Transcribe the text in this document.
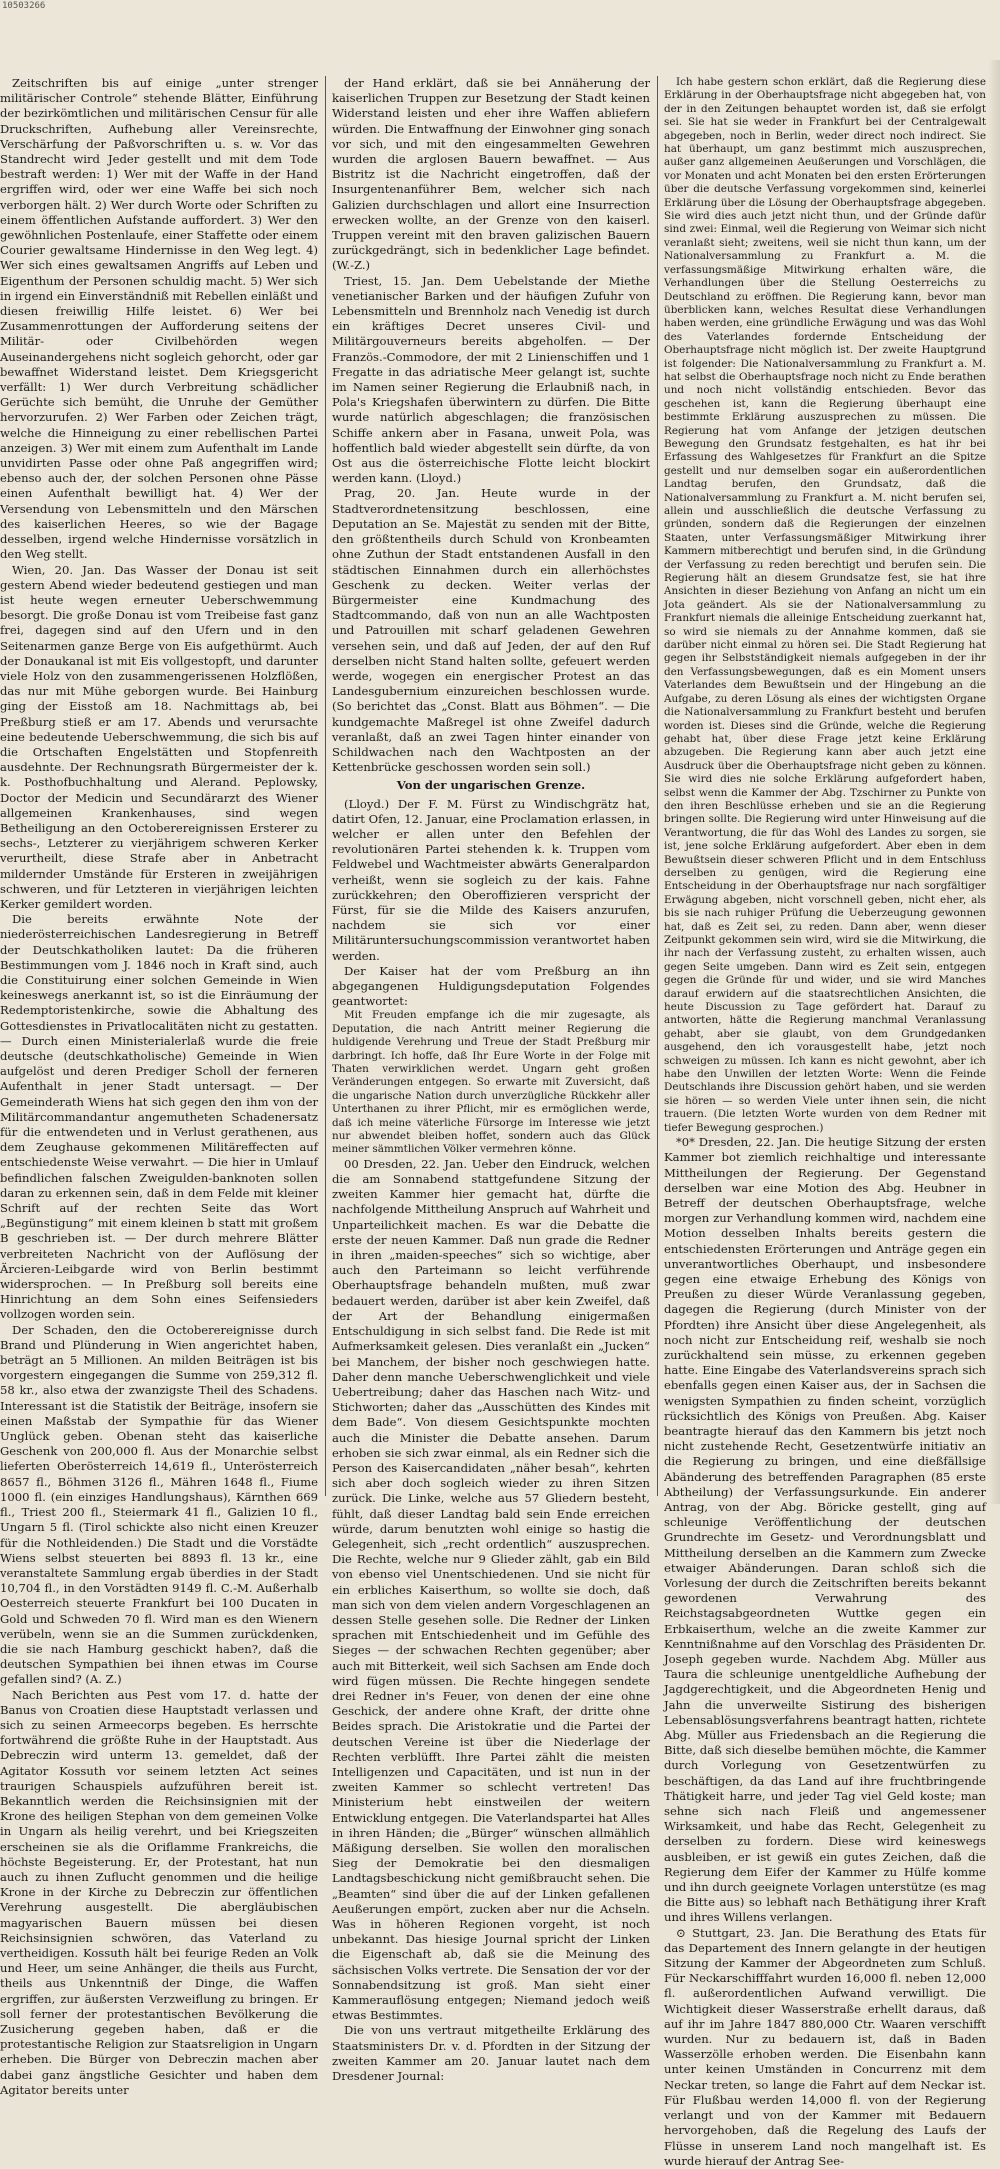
10503266

Zeitschriften bis auf einige „unter strenger militärischer Controle“ stehende Blätter, Einführung der bezirkömtlichen und militärischen Censur für alle Druckschriften, Aufhebung aller Vereinsrechte, Verschärfung der Paßvorschriften u. s. w. Vor das Standrecht wird Jeder gestellt und mit dem Tode bestraft werden: 1) Wer mit der Waffe in der Hand ergriffen wird, oder wer eine Waffe bei sich noch verborgen hält. 2) Wer durch Worte oder Schriften zu einem öffentlichen Aufstande auffordert. 3) Wer den gewöhnlichen Postenlaufe, einer Staffette oder einem Courier gewaltsame Hindernisse in den Weg legt. 4) Wer sich eines gewaltsamen Angriffs auf Leben und Eigenthum der Personen schuldig macht. 5) Wer sich in irgend ein Einverständniß mit Rebellen einläßt und diesen freiwillig Hilfe leistet. 6) Wer bei Zusammenrottungen der Aufforderung seitens der Militär- oder Civilbehörden wegen Auseinandergehens nicht sogleich gehorcht, oder gar bewaffnet Widerstand leistet. Dem Kriegsgericht verfällt: 1) Wer durch Verbreitung schädlicher Gerüchte sich bemüht, die Unruhe der Gemüther hervorzurufen. 2) Wer Farben oder Zeichen trägt, welche die Hinneigung zu einer rebellischen Partei anzeigen. 3) Wer mit einem zum Aufenthalt im Lande unvidirten Passe oder ohne Paß angegriffen wird; ebenso auch der, der solchen Personen ohne Pässe einen Aufenthalt bewilligt hat. 4) Wer der Versendung von Lebensmitteln und den Märschen des kaiserlichen Heeres, so wie der Bagage desselben, irgend welche Hindernisse vorsätzlich in den Weg stellt.

Wien, 20. Jan. Das Wasser der Donau ist seit gestern Abend wieder bedeutend gestiegen und man ist heute wegen erneuter Ueberschwemmung besorgt. Die große Donau ist vom Treibeise fast ganz frei, dagegen sind auf den Ufern und in den Seitenarmen ganze Berge von Eis aufgethürmt. Auch der Donaukanal ist mit Eis vollgestopft, und darunter viele Holz von den zusammengerissenen Holzflößen, das nur mit Mühe geborgen wurde. Bei Hainburg ging der Eisstoß am 18. Nachmittags ab, bei Preßburg stieß er am 17. Abends und verursachte eine bedeutende Ueberschwemmung, die sich bis auf die Ortschaften Engelstätten und Stopfenreith ausdehnte. Der Rechnungsrath Bürgermeister der k. k. Posthofbuchhaltung und Alerand. Peplowsky, Doctor der Medicin und Secundärarzt des Wiener allgemeinen Krankenhauses, sind wegen Betheiligung an den Octoberereignissen Ersterer zu sechs-, Letzterer zu vierjährigem schweren Kerker verurtheilt, diese Strafe aber in Anbetracht mildernder Umstände für Ersteren in zweijährigen schweren, und für Letzteren in vierjährigen leichten Kerker gemildert worden.

Die bereits erwähnte Note der niederösterreichischen Landesregierung in Betreff der Deutschkatholiken lautet: Da die früheren Bestimmungen vom J. 1846 noch in Kraft sind, auch die Constituirung einer solchen Gemeinde in Wien keineswegs anerkannt ist, so ist die Einräumung der Redemptoristenkirche, sowie die Abhaltung des Gottesdienstes in Privatlocalitäten nicht zu gestatten. — Durch einen Ministerialerlaß wurde die freie deutsche (deutschkatholische) Gemeinde in Wien aufgelöst und deren Prediger Scholl der ferneren Aufenthalt in jener Stadt untersagt. — Der Gemeinderath Wiens hat sich gegen den ihm von der Militärcommandantur angemutheten Schadenersatz für die entwendeten und in Verlust gerathenen, aus dem Zeughause gekommenen Militäreffecten auf entschiedenste Weise verwahrt. — Die hier in Umlauf befindlichen falschen Zweigulden-banknoten sollen daran zu erkennen sein, daß in dem Felde mit kleiner Schrift auf der rechten Seite das Wort „Begünstigung“ mit einem kleinen b statt mit großem B geschrieben ist. — Der durch mehrere Blätter verbreiteten Nachricht von der Auflösung der Ärcieren-Leibgarde wird von Berlin bestimmt widersprochen. — In Preßburg soll bereits eine Hinrichtung an dem Sohn eines Seifensieders vollzogen worden sein.

Der Schaden, den die Octoberereignisse durch Brand und Plünderung in Wien angerichtet haben, beträgt an 5 Millionen. An milden Beiträgen ist bis vorgestern eingegangen die Summe von 259,312 fl. 58 kr., also etwa der zwanzigste Theil des Schadens. Interessant ist die Statistik der Beiträge, insofern sie einen Maßstab der Sympathie für das Wiener Unglück geben. Obenan steht das kaiserliche Geschenk von 200,000 fl. Aus der Monarchie selbst lieferten Oberösterreich 14,619 fl., Unterösterreich 8657 fl., Böhmen 3126 fl., Mähren 1648 fl., Fiume 1000 fl. (ein einziges Handlungshaus), Kärnthen 669 fl., Triest 200 fl., Steiermark 41 fl., Galizien 10 fl., Ungarn 5 fl. (Tirol schickte also nicht einen Kreuzer für die Nothleidenden.) Die Stadt und die Vorstädte Wiens selbst steuerten bei 8893 fl. 13 kr., eine veranstaltete Sammlung ergab überdies in der Stadt 10,704 fl., in den Vorstädten 9149 fl. C.-M. Außerhalb Oesterreich steuerte Frankfurt bei 100 Ducaten in Gold und Schweden 70 fl. Wird man es den Wienern verübeln, wenn sie an die Summen zurückdenken, die sie nach Hamburg geschickt haben?, daß die deutschen Sympathien bei ihnen etwas im Course gefallen sind? (A. Z.)

Nach Berichten aus Pest vom 17. d. hatte der Banus von Croatien diese Hauptstadt verlassen und sich zu seinen Armeecorps begeben. Es herrschte fortwährend die größte Ruhe in der Hauptstadt. Aus Debreczin wird unterm 13. gemeldet, daß der Agitator Kossuth vor seinem letzten Act seines traurigen Schauspiels aufzuführen bereit ist. Bekanntlich werden die Reichsinsignien mit der Krone des heiligen Stephan von dem gemeinen Volke in Ungarn als heilig verehrt, und bei Kriegszeiten erscheinen sie als die Oriflamme Frankreichs, die höchste Begeisterung. Er, der Protestant, hat nun auch zu ihnen Zuflucht genommen und die heilige Krone in der Kirche zu Debreczin zur öffentlichen Verehrung ausgestellt. Die abergläubischen magyarischen Bauern müssen bei diesen Reichsinsignien schwören, das Vaterland zu vertheidigen. Kossuth hält bei feurige Reden an Volk und Heer, um seine Anhänger, die theils aus Furcht, theils aus Unkenntniß der Dinge, die Waffen ergriffen, zur äußersten Verzweiflung zu bringen. Er soll ferner der protestantischen Bevölkerung die Zusicherung gegeben haben, daß er die protestantische Religion zur Staatsreligion in Ungarn erheben. Die Bürger von Debreczin machen aber dabei ganz ängstliche Gesichter und haben dem Agitator bereits unter

der Hand erklärt, daß sie bei Annäherung der kaiserlichen Truppen zur Besetzung der Stadt keinen Widerstand leisten und eher ihre Waffen abliefern würden. Die Entwaffnung der Einwohner ging sonach vor sich, und mit den eingesammelten Gewehren wurden die arglosen Bauern bewaffnet. — Aus Bistritz ist die Nachricht eingetroffen, daß der Insurgentenanführer Bem, welcher sich nach Galizien durchschlagen und allort eine Insurrection erwecken wollte, an der Grenze von den kaiserl. Truppen vereint mit den braven galizischen Bauern zurückgedrängt, sich in bedenklicher Lage befindet. (W.-Z.)

Triest, 15. Jan. Dem Uebelstande der Miethe venetianischer Barken und der häufigen Zufuhr von Lebensmitteln und Brennholz nach Venedig ist durch ein kräftiges Decret unseres Civil- und Militärgouverneurs bereits abgeholfen. — Der Französ.-Commodore, der mit 2 Linienschiffen und 1 Fregatte in das adriatische Meer gelangt ist, suchte im Namen seiner Regierung die Erlaubniß nach, in Pola's Kriegshafen überwintern zu dürfen. Die Bitte wurde natürlich abgeschlagen; die französischen Schiffe ankern aber in Fasana, unweit Pola, was hoffentlich bald wieder abgestellt sein dürfte, da von Ost aus die österreichische Flotte leicht blockirt werden kann. (Lloyd.)

Prag, 20. Jan. Heute wurde in der Stadtverordnetensitzung beschlossen, eine Deputation an Se. Majestät zu senden mit der Bitte, den größtentheils durch Schuld von Kronbeamten ohne Zuthun der Stadt entstandenen Ausfall in den städtischen Einnahmen durch ein allerhöchstes Geschenk zu decken. Weiter verlas der Bürgermeister eine Kundmachung des Stadtcommando, daß von nun an alle Wachtposten und Patrouillen mit scharf geladenen Gewehren versehen sein, und daß auf Jeden, der auf den Ruf derselben nicht Stand halten sollte, gefeuert werden werde, wogegen ein energischer Protest an das Landesgubernium einzureichen beschlossen wurde. (So berichtet das „Const. Blatt aus Böhmen“. — Die kundgemachte Maßregel ist ohne Zweifel dadurch veranlaßt, daß an zwei Tagen hinter einander von Schildwachen nach den Wachtposten an der Kettenbrücke geschossen worden sein soll.)

Von der ungarischen Grenze.

(Lloyd.) Der F. M. Fürst zu Windischgrätz hat, datirt Ofen, 12. Januar, eine Proclamation erlassen, in welcher er allen unter den Befehlen der revolutionären Partei stehenden k. k. Truppen vom Feldwebel und Wachtmeister abwärts Generalpardon verheißt, wenn sie sogleich zu der kais. Fahne zurückkehren; den Oberoffizieren verspricht der Fürst, für sie die Milde des Kaisers anzurufen, nachdem sie sich vor einer Militäruntersuchungscommission verantwortet haben werden.

Der Kaiser hat der vom Preßburg an ihn abgegangenen Huldigungsdeputation Folgendes geantwortet:

Mit Freuden empfange ich die mir zugesagte, als Deputation, die nach Antritt meiner Regierung die huldigende Verehrung und Treue der Stadt Preßburg mir darbringt. Ich hoffe, daß Ihr Eure Worte in der Folge mit Thaten verwirklichen werdet. Ungarn geht großen Veränderungen entgegen. So erwarte mit Zuversicht, daß die ungarische Nation durch unverzügliche Rückkehr aller Unterthanen zu ihrer Pflicht, mir es ermöglichen werde, daß ich meine väterliche Fürsorge im Interesse wie jetzt nur abwendet bleiben hoffet, sondern auch das Glück meiner sämmtlichen Völker vermehren könne.

00 Dresden, 22. Jan. Ueber den Eindruck, welchen die am Sonnabend stattgefundene Sitzung der zweiten Kammer hier gemacht hat, dürfte die nachfolgende Mittheilung Anspruch auf Wahrheit und Unparteilichkeit machen. Es war die Debatte die erste der neuen Kammer. Daß nun grade die Redner in ihren „maiden-speeches“ sich so wichtige, aber auch den Parteimann so leicht verführende Oberhauptsfrage behandeln mußten, muß zwar bedauert werden, darüber ist aber kein Zweifel, daß der Art der Behandlung einigermaßen Entschuldigung in sich selbst fand. Die Rede ist mit Aufmerksamkeit gelesen. Dies veranlaßt ein „Jucken“ bei Manchem, der bisher noch geschwiegen hatte. Daher denn manche Ueberschwenglichkeit und viele Uebertreibung; daher das Haschen nach Witz- und Stichworten; daher das „Ausschütten des Kindes mit dem Bade“. Von diesem Gesichtspunkte mochten auch die Minister die Debatte ansehen. Darum erhoben sie sich zwar einmal, als ein Redner sich die Person des Kaisercandidaten „näher besah“, kehrten sich aber doch sogleich wieder zu ihren Sitzen zurück. Die Linke, welche aus 57 Gliedern besteht, fühlt, daß dieser Landtag bald sein Ende erreichen würde, darum benutzten wohl einige so hastig die Gelegenheit, sich „recht ordentlich“ auszusprechen. Die Rechte, welche nur 9 Glieder zählt, gab ein Bild von ebenso viel Unentschiedenen. Und sie nicht für ein erbliches Kaiserthum, so wollte sie doch, daß man sich von dem vielen andern Vorgeschlagenen an dessen Stelle gesehen solle. Die Redner der Linken sprachen mit Entschiedenheit und im Gefühle des Sieges — der schwachen Rechten gegenüber; aber auch mit Bitterkeit, weil sich Sachsen am Ende doch wird fügen müssen. Die Rechte hingegen sendete drei Redner in's Feuer, von denen der eine ohne Geschick, der andere ohne Kraft, der dritte ohne Beides sprach. Die Aristokratie und die Partei der deutschen Vereine ist über die Niederlage der Rechten verblüfft. Ihre Partei zählt die meisten Intelligenzen und Capacitäten, und ist nun in der zweiten Kammer so schlecht vertreten! Das Ministerium hebt einstweilen der weitern Entwicklung entgegen. Die Vaterlandspartei hat Alles in ihren Händen; die „Bürger“ wünschen allmählich Mäßigung derselben. Sie wollen den moralischen Sieg der Demokratie bei den diesmaligen Landtagsbeschickung nicht gemißbraucht sehen. Die „Beamten“ sind über die auf der Linken gefallenen Aeußerungen empört, zucken aber nur die Achseln. Was in höheren Regionen vorgeht, ist noch unbekannt. Das hiesige Journal spricht der Linken die Eigenschaft ab, daß sie die Meinung des sächsischen Volks vertrete. Die Sensation der vor der Sonnabendsitzung ist groß. Man sieht einer Kammerauflösung entgegen; Niemand jedoch weiß etwas Bestimmtes.

Die von uns vertraut mitgetheilte Erklärung des Staatsministers Dr. v. d. Pfordten in der Sitzung der zweiten Kammer am 20. Januar lautet nach dem Dresdener Journal:

Ich habe gestern schon erklärt, daß die Regierung diese Erklärung in der Oberhauptsfrage nicht abgegeben hat, von der in den Zeitungen behauptet worden ist, daß sie erfolgt sei. Sie hat sie weder in Frankfurt bei der Centralgewalt abgegeben, noch in Berlin, weder direct noch indirect. Sie hat überhaupt, um ganz bestimmt mich auszusprechen, außer ganz allgemeinen Aeußerungen und Vorschlägen, die vor Monaten und acht Monaten bei den ersten Erörterungen über die deutsche Verfassung vorgekommen sind, keinerlei Erklärung über die Lösung der Oberhauptsfrage abgegeben. Sie wird dies auch jetzt nicht thun, und der Gründe dafür sind zwei: Einmal, weil die Regierung von Weimar sich nicht veranlaßt sieht; zweitens, weil sie nicht thun kann, um der Nationalversammlung zu Frankfurt a. M. die verfassungsmäßige Mitwirkung erhalten wäre, die Verhandlungen über die Stellung Oesterreichs zu Deutschland zu eröffnen. Die Regierung kann, bevor man überblicken kann, welches Resultat diese Verhandlungen haben werden, eine gründliche Erwägung und was das Wohl des Vaterlandes fordernde Entscheidung der Oberhauptsfrage nicht möglich ist. Der zweite Hauptgrund ist folgender: Die Nationalversammlung zu Frankfurt a. M. hat selbst die Oberhauptsfrage noch nicht zu Ende berathen und noch nicht vollständig entschieden. Bevor das geschehen ist, kann die Regierung überhaupt eine bestimmte Erklärung auszusprechen zu müssen. Die Regierung hat vom Anfange der jetzigen deutschen Bewegung den Grundsatz festgehalten, es hat ihr bei Erfassung des Wahlgesetzes für Frankfurt an die Spitze gestellt und nur demselben sogar ein außerordentlichen Landtag berufen, den Grundsatz, daß die Nationalversammlung zu Frankfurt a. M. nicht berufen sei, allein und ausschließlich die deutsche Verfassung zu gründen, sondern daß die Regierungen der einzelnen Staaten, unter Verfassungsmäßiger Mitwirkung ihrer Kammern mitberechtigt und berufen sind, in die Gründung der Verfassung zu reden berechtigt und berufen sein. Die Regierung hält an diesem Grundsatze fest, sie hat ihre Ansichten in dieser Beziehung von Anfang an nicht um ein Jota geändert. Als sie der Nationalversammlung zu Frankfurt niemals die alleinige Entscheidung zuerkannt hat, so wird sie niemals zu der Annahme kommen, daß sie darüber nicht einmal zu hören sei. Die Stadt Regierung hat gegen ihr Selbstständigkeit niemals aufgegeben in der ihr den Verfassungsbewegungen, daß es ein Moment unsers Vaterlandes dem Bewußtsein und der Hingebung an die Aufgabe, zu deren Lösung als eines der wichtigsten Organe die Nationalversammlung zu Frankfurt besteht und berufen worden ist. Dieses sind die Gründe, welche die Regierung gehabt hat, über diese Frage jetzt keine Erklärung abzugeben. Die Regierung kann aber auch jetzt eine Ausdruck über die Oberhauptsfrage nicht geben zu können. Sie wird dies nie solche Erklärung aufgefordert haben, selbst wenn die Kammer der Abg. Tzschirner zu Punkte von den ihren Beschlüsse erheben und sie an die Regierung bringen sollte. Die Regierung wird unter Hinweisung auf die Verantwortung, die für das Wohl des Landes zu sorgen, sie ist, jene solche Erklärung aufgefordert. Aber eben in dem Bewußtsein dieser schweren Pflicht und in dem Entschluss derselben zu genügen, wird die Regierung eine Entscheidung in der Oberhauptsfrage nur nach sorgfältiger Erwägung abgeben, nicht vorschnell geben, nicht eher, als bis sie nach ruhiger Prüfung die Ueberzeugung gewonnen hat, daß es Zeit sei, zu reden. Dann aber, wenn dieser Zeitpunkt gekommen sein wird, wird sie die Mitwirkung, die ihr nach der Verfassung zusteht, zu erhalten wissen, auch gegen Seite umgeben. Dann wird es Zeit sein, entgegen gegen die Gründe für und wider, und sie wird Manches darauf erwidern auf die staatsrechtlichen Ansichten, die heute Discussion zu Tage gefördert hat. Darauf zu antworten, hätte die Regierung manchmal Veranlassung gehabt, aber sie glaubt, von dem Grundgedanken ausgehend, den ich vorausgestellt habe, jetzt noch schweigen zu müssen. Ich kann es nicht gewohnt, aber ich habe den Unwillen der letzten Worte: Wenn die Feinde Deutschlands ihre Discussion gehört haben, und sie werden sie hören — so werden Viele unter ihnen sein, die nicht trauern. (Die letzten Worte wurden von dem Redner mit tiefer Bewegung gesprochen.)

*0* Dresden, 22. Jan. Die heutige Sitzung der ersten Kammer bot ziemlich reichhaltige und interessante Mittheilungen der Regierung. Der Gegenstand derselben war eine Motion des Abg. Heubner in Betreff der deutschen Oberhauptsfrage, welche morgen zur Verhandlung kommen wird, nachdem eine Motion desselben Inhalts bereits gestern die entschiedensten Erörterungen und Anträge gegen ein unverantwortliches Oberhaupt, und insbesondere gegen eine etwaige Erhebung des Königs von Preußen zu dieser Würde Veranlassung gegeben, dagegen die Regierung (durch Minister von der Pfordten) ihre Ansicht über diese Angelegenheit, als noch nicht zur Entscheidung reif, weshalb sie noch zurückhaltend sein müsse, zu erkennen gegeben hatte. Eine Eingabe des Vaterlandsvereins sprach sich ebenfalls gegen einen Kaiser aus, der in Sachsen die wenigsten Sympathien zu finden scheint, vorzüglich rücksichtlich des Königs von Preußen. Abg. Kaiser beantragte hierauf das den Kammern bis jetzt noch nicht zustehende Recht, Gesetzentwürfe initiativ an die Regierung zu bringen, und eine dießfällsige Abänderung des betreffenden Paragraphen (85 erste Abtheilung) der Verfassungsurkunde. Ein anderer Antrag, von der Abg. Böricke gestellt, ging auf schleunige Veröffentlichung der deutschen Grundrechte im Gesetz- und Verordnungsblatt und Mittheilung derselben an die Kammern zum Zwecke etwaiger Abänderungen. Daran schloß sich die Vorlesung der durch die Zeitschriften bereits bekannt gewordenen Verwahrung des Reichstagsabgeordneten Wuttke gegen ein Erbkaiserthum, welche an die zweite Kammer zur Kenntnißnahme auf den Vorschlag des Präsidenten Dr. Joseph gegeben wurde. Nachdem Abg. Müller aus Taura die schleunige unentgeldliche Aufhebung der Jagdgerechtigkeit, und die Abgeordneten Henig und Jahn die unverweilte Sistirung des bisherigen Lebensablösungsverfahrens beantragt hatten, richtete Abg. Müller aus Friedensbach an die Regierung die Bitte, daß sich dieselbe bemühen möchte, die Kammer durch Vorlegung von Gesetzentwürfen zu beschäftigen, da das Land auf ihre fruchtbringende Thätigkeit harre, und jeder Tag viel Geld koste; man sehne sich nach Fleiß und angemessener Wirksamkeit, und habe das Recht, Gelegenheit zu derselben zu fordern. Diese wird keineswegs ausbleiben, er ist gewiß ein gutes Zeichen, daß die Regierung dem Eifer der Kammer zu Hülfe komme und ihn durch geeignete Vorlagen unterstütze (es mag die Bitte aus) so lebhaft nach Bethätigung ihrer Kraft und ihres Willens verlangen.

⊙ Stuttgart, 23. Jan. Die Berathung des Etats für das Departement des Innern gelangte in der heutigen Sitzung der Kammer der Abgeordneten zum Schluß. Für Neckarschifffahrt wurden 16,000 fl. neben 12,000 fl. außerordentlichen Aufwand verwilligt. Die Wichtigkeit dieser Wasserstraße erhellt daraus, daß auf ihr im Jahre 1847 880,000 Ctr. Waaren verschifft wurden. Nur zu bedauern ist, daß in Baden Wasserzölle erhoben werden. Die Eisenbahn kann unter keinen Umständen in Concurrenz mit dem Neckar treten, so lange die Fahrt auf dem Neckar ist. Für Flußbau werden 14,000 fl. von der Regierung verlangt und von der Kammer mit Bedauern hervorgehoben, daß die Regelung des Laufs der Flüsse in unserem Land noch mangelhaft ist. Es wurde hierauf der Antrag See-
